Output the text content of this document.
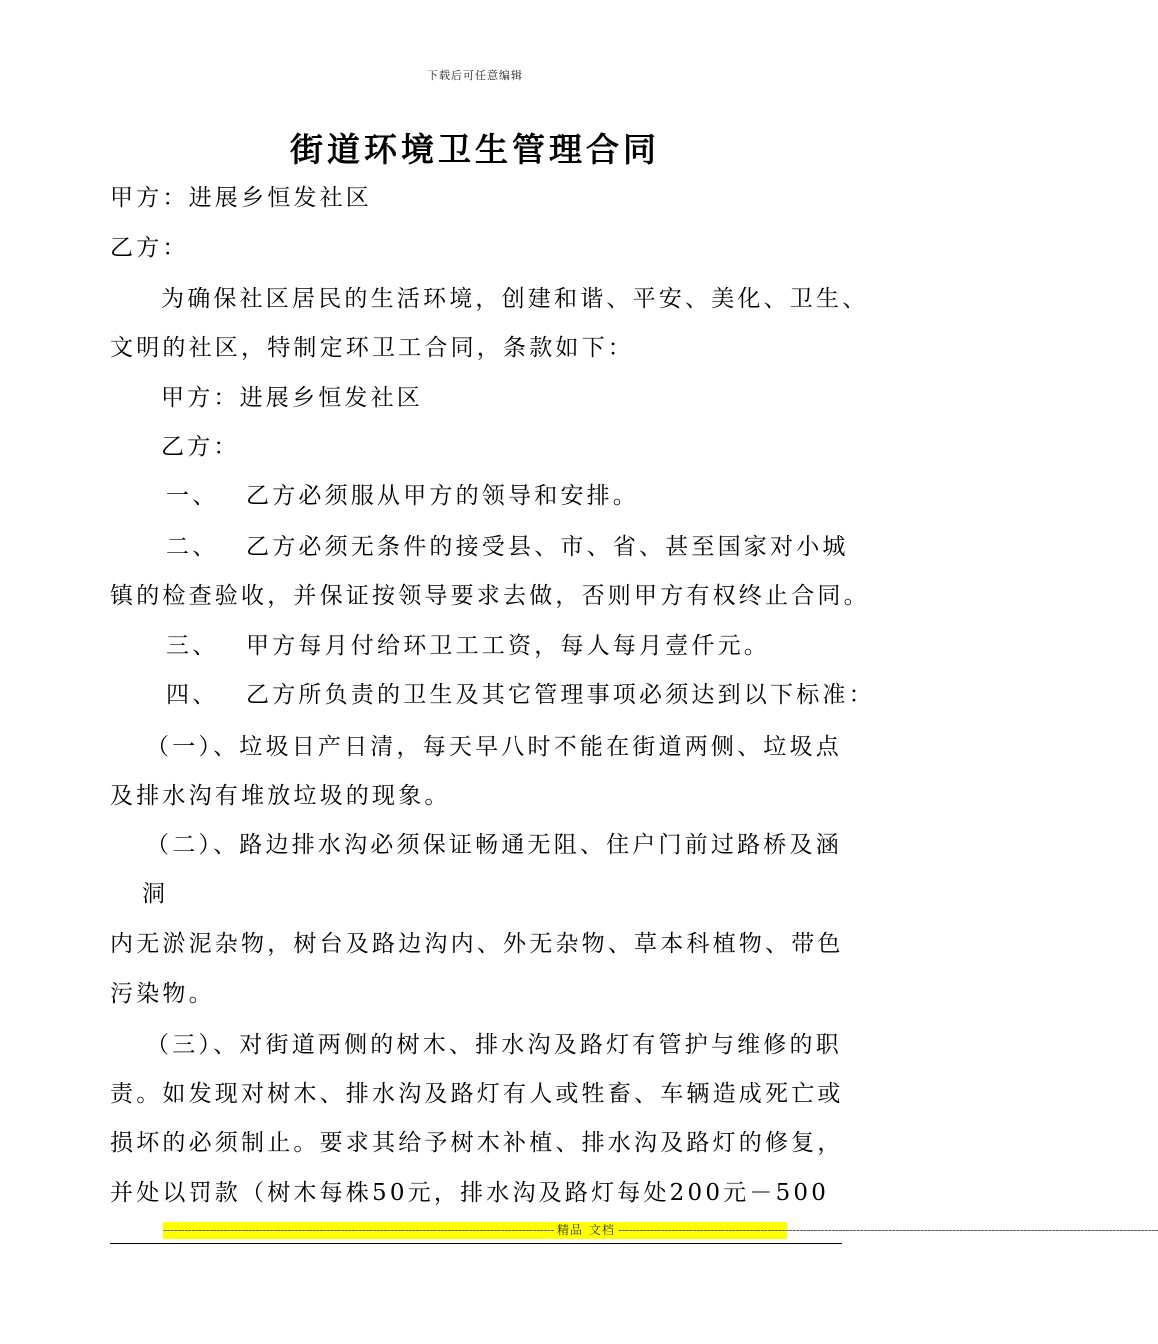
下载后可任意编辑
街道环境卫生管理合同
甲方：进展乡恒发社区
乙方：
为确保社区居民的生活环境，创建和谐、平安、美化、卫生、
文明的社区，特制定环卫工合同，条款如下：
甲方：进展乡恒发社区
乙方：
一、 乙方必须服从甲方的领导和安排。
二、 乙方必须无条件的接受县、市、省、甚至国家对小城
镇的检查验收，并保证按领导要求去做，否则甲方有权终止合同。
三、 甲方每月付给环卫工工资，每人每月壹仟元。
四、 乙方所负责的卫生及其它管理事项必须达到以下标准：
（一）、垃圾日产日清，每天早八时不能在街道两侧、垃圾点
及排水沟有堆放垃圾的现象。
（二）、路边排水沟必须保证畅通无阻、住户门前过路桥及涵
洞
内无淤泥杂物，树台及路边沟内、外无杂物、草本科植物、带色
污染物。
（三）、对街道两侧的树木、排水沟及路灯有管护与维修的职
责。如发现对树木、排水沟及路灯有人或牲畜、车辆造成死亡或
损坏的必须制止。要求其给予树木补植、排水沟及路灯的修复，
并处以罚款（树木每株50元，排水沟及路灯每处200元－500
-------------------------------------------------------------------------------------------------------------- 精品 文档 --------------------------------------------------------------------------------------------------------------------------------------------------------
